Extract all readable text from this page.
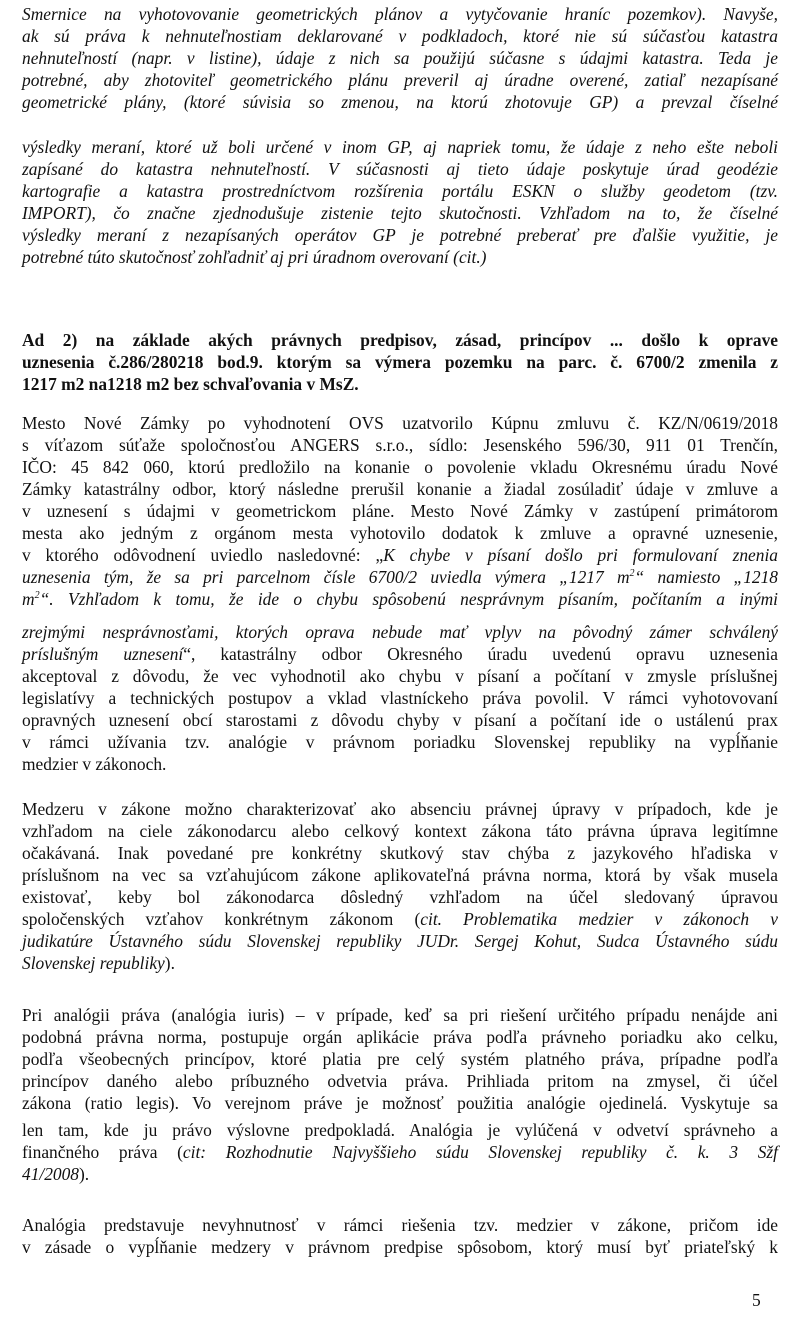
Smernice na vyhotovovanie geometrických plánov a vytyčovanie hraníc pozemkov). Navyše,
ak sú práva k nehnuteľnostiam deklarované v podkladoch, ktoré nie sú súčasťou katastra
nehnuteľností (napr. v listine), údaje z nich sa použijú súčasne s údajmi katastra. Teda je
potrebné, aby zhotoviteľ geometrického plánu preveril aj úradne overené, zatiaľ nezapísané
geometrické plány, (ktoré súvisia so zmenou, na ktorú zhotovuje GP) a prevzal číselné
výsledky meraní, ktoré už boli určené v inom GP, aj napriek tomu, že údaje z neho ešte neboli
zapísané do katastra nehnuteľností. V súčasnosti aj tieto údaje poskytuje úrad geodézie
kartografie a katastra prostredníctvom rozšírenia portálu ESKN o služby geodetom (tzv.
IMPORT), čo značne zjednodušuje zistenie tejto skutočnosti. Vzhľadom na to, že číselné
výsledky meraní z nezapísaných operátov GP je potrebné preberať pre ďalšie využitie, je
potrebné túto skutočnosť zohľadniť aj pri úradnom overovaní (cit.)
Ad 2) na základe akých právnych predpisov, zásad, princípov ... došlo k oprave
uznesenia č.286/280218 bod.9. ktorým sa výmera pozemku na parc. č. 6700/2 zmenila z
1217 m2 na1218 m2 bez schvaľovania v MsZ.
Mesto Nové Zámky po vyhodnotení OVS uzatvorilo Kúpnu zmluvu č. KZ/N/0619/2018
s víťazom súťaže spoločnosťou ANGERS s.r.o., sídlo: Jesenského 596/30, 911 01 Trenčín,
IČO: 45 842 060, ktorú predložilo na konanie o povolenie vkladu Okresnému úradu Nové
Zámky katastrálny odbor, ktorý následne prerušil konanie a žiadal zosúladiť údaje v zmluve a
v uznesení s údajmi v geometrickom pláne. Mesto Nové Zámky v zastúpení primátorom
mesta ako jedným z orgánom mesta vyhotovilo dodatok k zmluve a opravné uznesenie,
v ktorého odôvodnení uviedlo nasledovné: „K chybe v písaní došlo pri formulovaní znenia
uznesenia tým, že sa pri parcelnom čísle 6700/2 uviedla výmera „1217 $m^2“$ namiesto „1218
$m^2“$. Vzhľadom k tomu, že ide o chybu spôsobenú nesprávnym písaním, počítaním a inými
zrejmými nesprávnosťami, ktorých oprava nebude mať vplyv na pôvodný zámer schválený
príslušným uznesení“, katastrálny odbor Okresného úradu uvedenú opravu uznesenia
akceptoval z dôvodu, že vec vyhodnotil ako chybu v písaní a počítaní v zmysle príslušnej
legislatívy a technických postupov a vklad vlastníckeho práva povolil. V rámci vyhotovovaní
opravných uznesení obcí starostami z dôvodu chyby v písaní a počítaní ide o ustálenú prax
v rámci užívania tzv. analógie v právnom poriadku Slovenskej republiky na vypĺňanie
medzier v zákonoch.
Medzeru v zákone možno charakterizovať ako absenciu právnej úpravy v prípadoch, kde je
vzhľadom na ciele zákonodarcu alebo celkový kontext zákona táto právna úprava legitímne
očakávaná. Inak povedané pre konkrétny skutkový stav chýba z jazykového hľadiska v
príslušnom na vec sa vzťahujúcom zákone aplikovateľná právna norma, ktorá by však musela
existovať, keby bol zákonodarca dôsledný vzhľadom na účel sledovaný úpravou
spoločenských vzťahov konkrétnym zákonom (cit. Problematika medzier v zákonoch v
judikatúre Ústavného súdu Slovenskej republiky JUDr. Sergej Kohut, Sudca Ústavného súdu
Slovenskej republiky).
Pri analógii práva (analógia iuris) – v prípade, keď sa pri riešení určitého prípadu nenájde ani
podobná právna norma, postupuje orgán aplikácie práva podľa právneho poriadku ako celku,
podľa všeobecných princípov, ktoré platia pre celý systém platného práva, prípadne podľa
princípov daného alebo príbuzného odvetvia práva. Prihliada pritom na zmysel, či účel
zákona (ratio legis). Vo verejnom práve je možnosť použitia analógie ojedinelá. Vyskytuje sa
len tam, kde ju právo výslovne predpokladá. Analógia je vylúčená v odvetví správneho a
finančného práva (cit: Rozhodnutie Najvyššieho súdu Slovenskej republiky č. k. 3 Sžf
41/2008).
Analógia predstavuje nevyhnutnosť v rámci riešenia tzv. medzier v zákone, pričom ide
v zásade o vypĺňanie medzery v právnom predpise spôsobom, ktorý musí byť priateľský k
5
